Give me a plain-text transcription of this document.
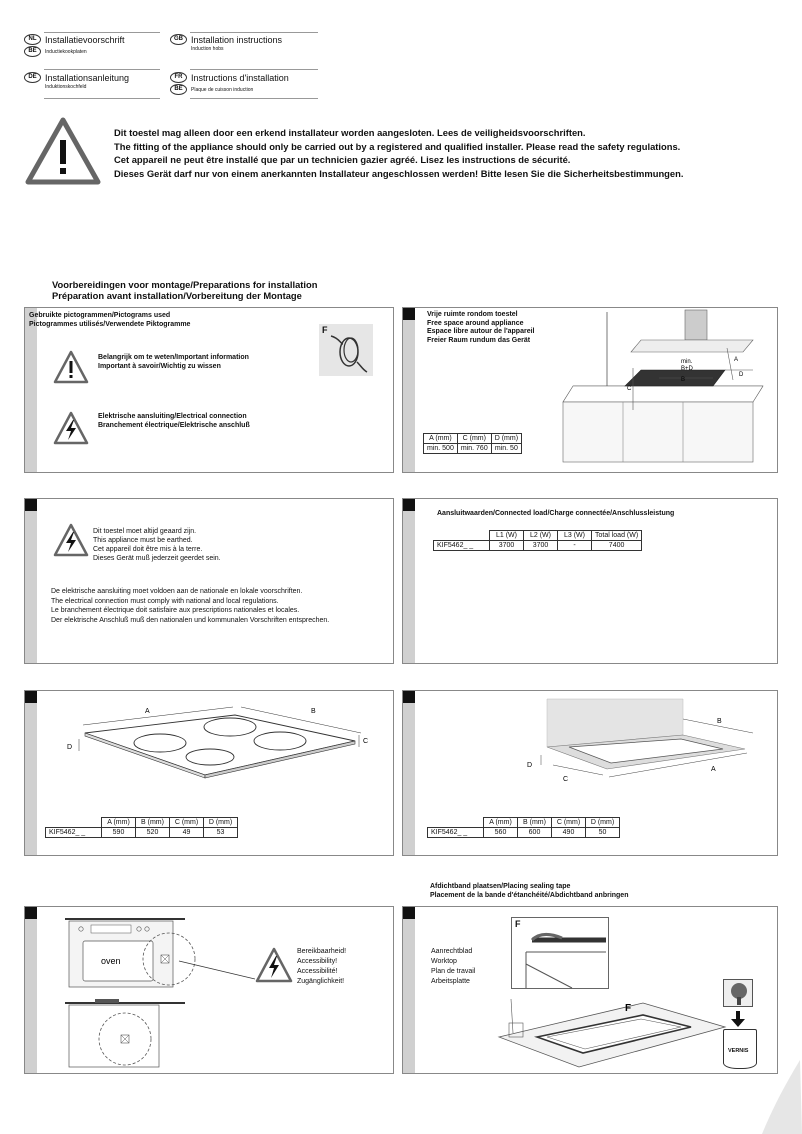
NL Installatievoorschrift
BE	Inductiekookplaten
GB Installation instructions
Induction hobs
DE Installationsanleitung
Induktionskochfeld
FR Instructions d'installation
BE	Plaque de cuisson induction
Dit toestel mag alleen door een erkend installateur worden aangesloten. Lees de veiligheidsvoorschriften.
The fitting of the appliance should only be carried out by a registered and qualified installer. Please read the safety regulations.
Cet appareil ne peut être installé que par un technicien gazier agréé. Lisez les instructions de sécurité.
Dieses Gerät darf nur von einem anerkannten Installateur angeschlossen werden! Bitte lesen Sie die Sicherheitsbestimmungen.
Voorbereidingen voor montage/Preparations for installation
Préparation avant installation/Vorbereitung der Montage
Gebruikte pictogrammen/Pictograms used
Pictogrammes utilisés/Verwendete Piktogramme
Belangrijk om te weten/Important information
Important à savoir/Wichtig zu wissen
Elektrische aansluiting/Electrical connection
Branchement électrique/Elektrische anschluß
F
Vrije ruimte rondom toestel
Free space around appliance
Espace libre autour de l'appareil
Freier Raum rundum das Gerät
A (mm)	C (mm)	D (mm)
min. 500	min. 760	min. 50
min.
B+D
A
B
C
D
Dit toestel moet altijd geaard zijn.
This appliance must be earthed.
Cet appareil doit être mis à la terre.
Dieses Gerät muß jederzeit geerdet sein.
De elektrische aansluiting moet voldoen aan de nationale en lokale voorschriften.
The electrical connection must comply with national and local regulations.
Le branchement électrique doit satisfaire aux prescriptions nationales et locales.
Der elektrische Anschluß muß den nationalen und kommunalen Vorschriften entsprechen.
Aansluitwaarden/Connected load/Charge connectée/Anschlussleistung
	L1 (W)	L2 (W)	L3 (W)	Total load (W)
KIF5462_ _	3700	3700	-	7400
A	B
C
D
	A (mm)	B (mm)	C (mm)	D (mm)
KIF5462_ _	590	520	49	53
B
A
C
D
	A (mm)	B (mm)	C (mm)	D (mm)
KIF5462_ _	560	600	490	50
Afdichtband plaatsen/Placing sealing tape
Placement de la bande d'étanchéité/Abdichtband anbringen
oven
Bereikbaarheid!
Accessibility!
Accessibilité!
Zugänglichkeit!
Aanrechtblad
Worktop
Plan de travail
Arbeitsplatte
F
F
VERNIS
